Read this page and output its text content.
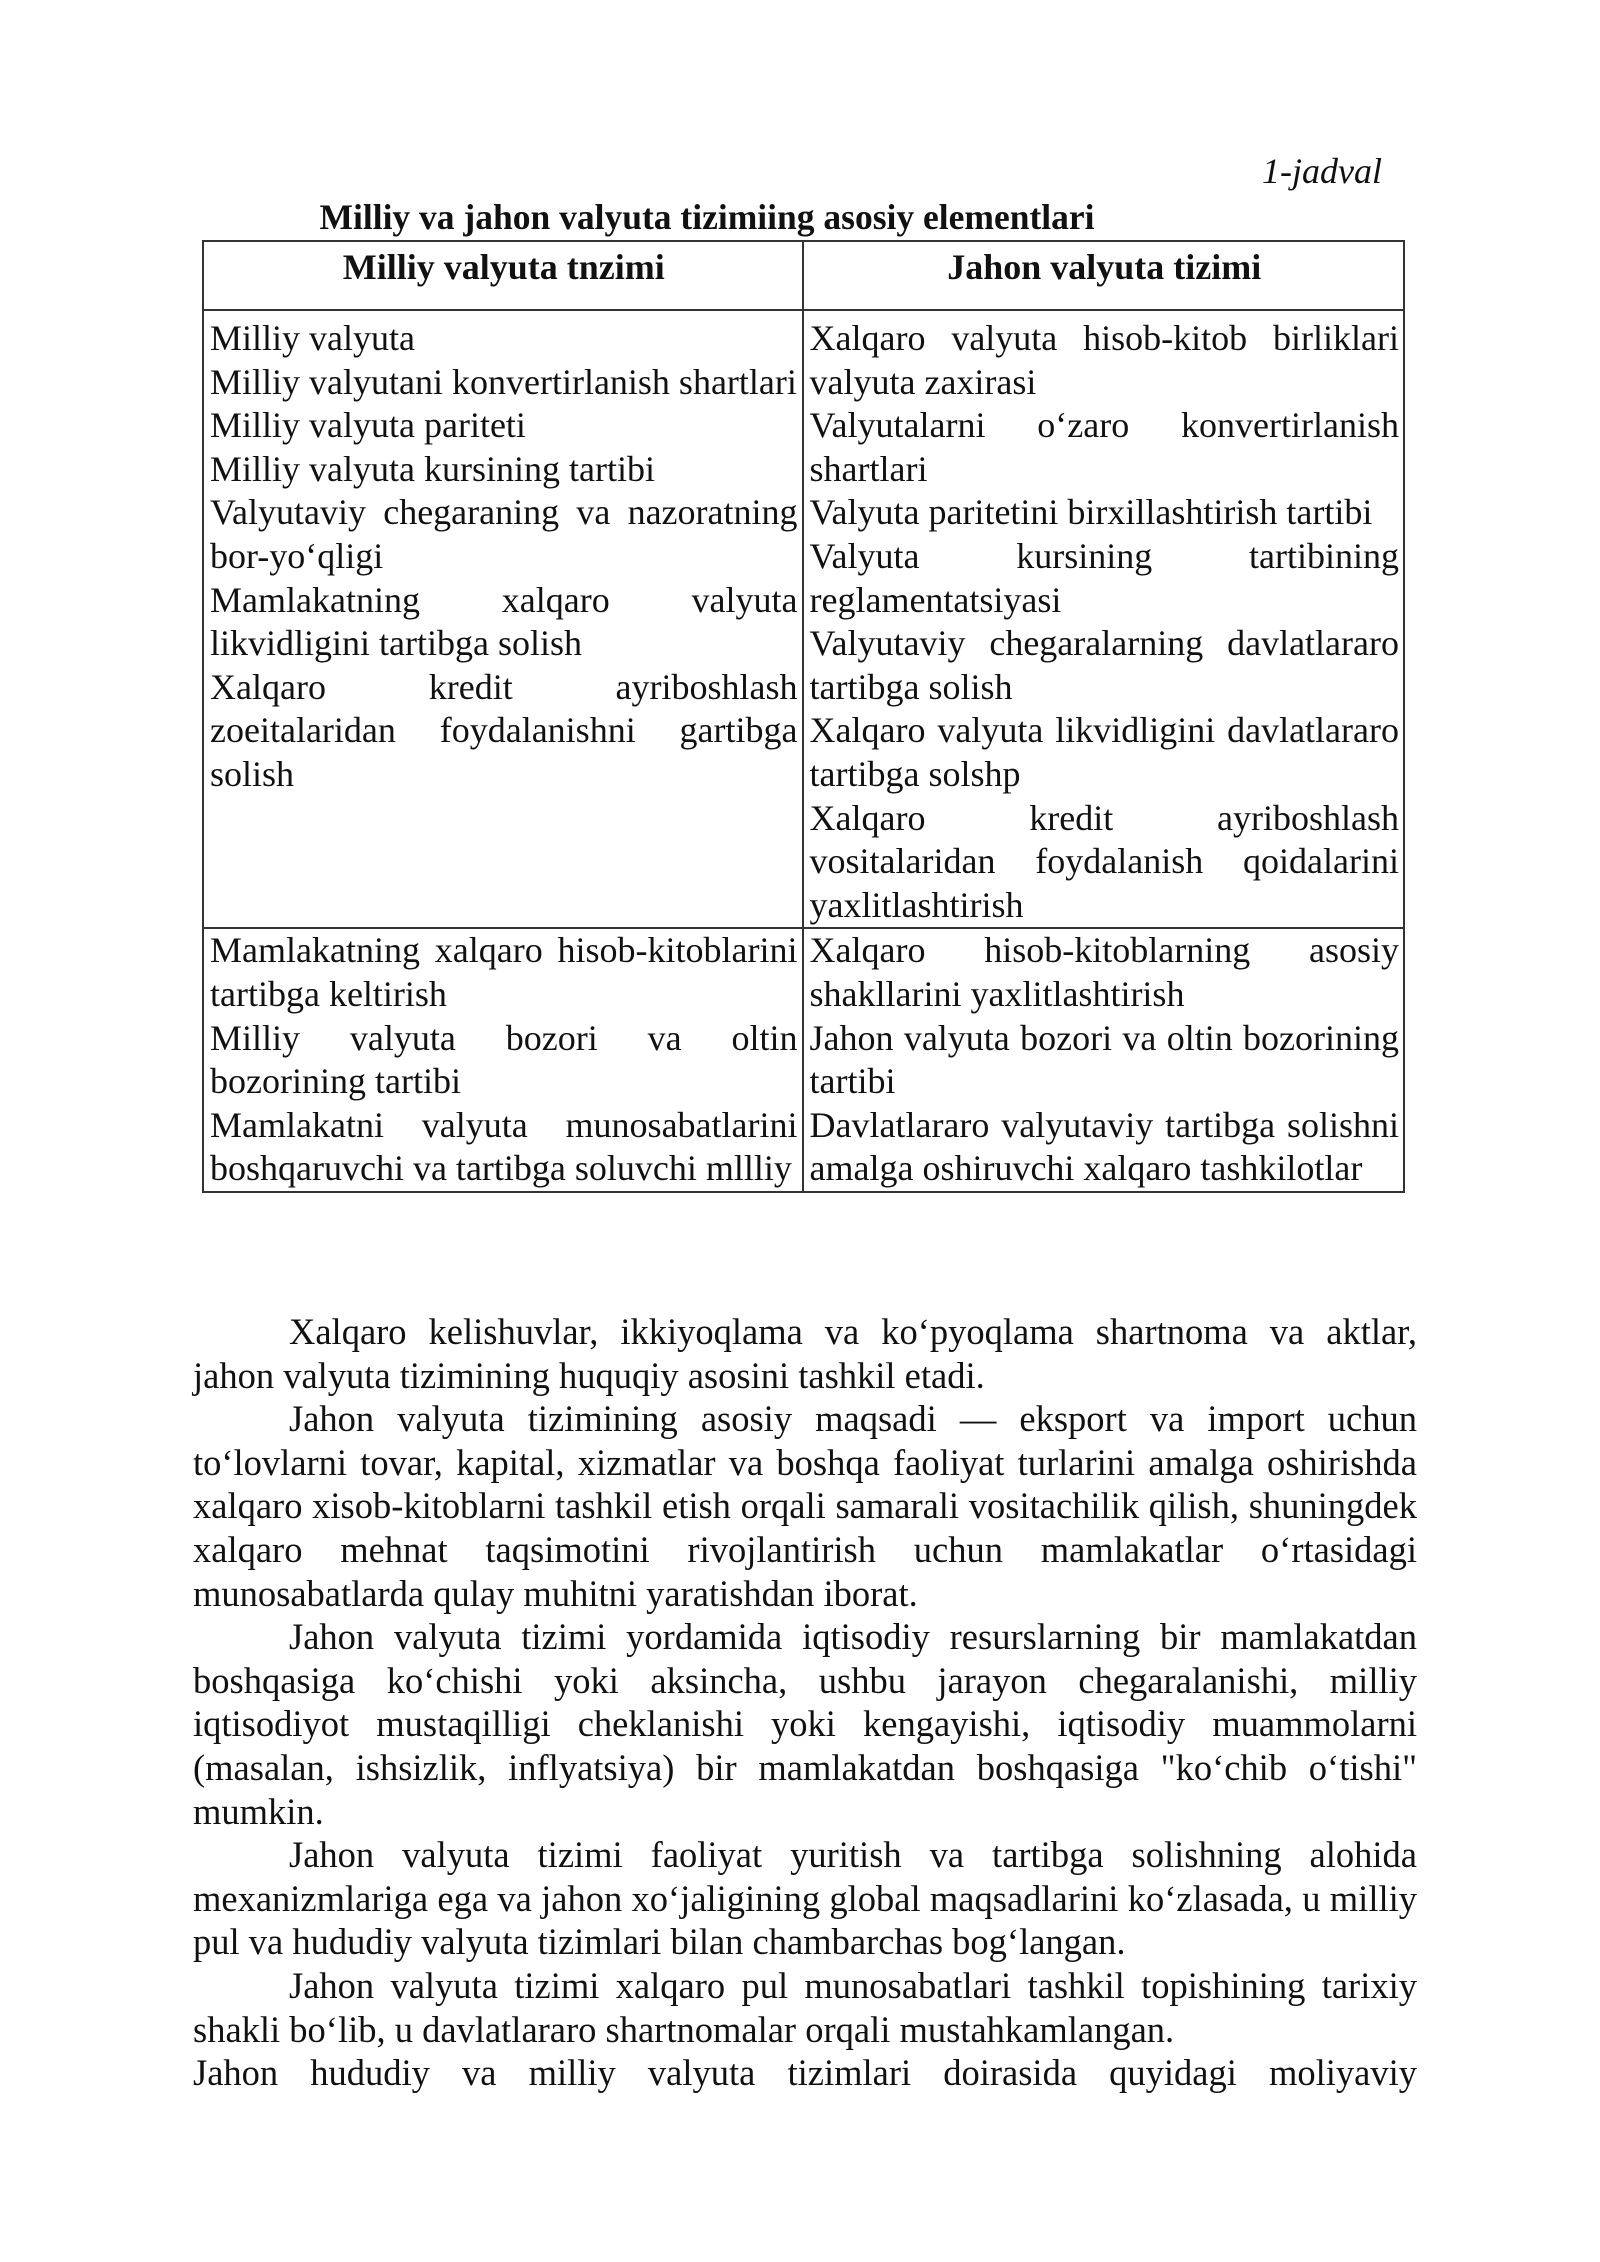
1-jadval
Milliy va jahon valyuta tizimiing asosiy elementlari
Milliy valyuta tnzimi	Jahon valyuta tizimi

Milliy valyuta

Milliy valyutani konvertirlanish shartlari

Milliy valyuta pariteti

Milliy valyuta kursining tartibi

Valyutaviy chegaraning va nazoratning bor-yo‘qligi

Mamlakatning xalqaro valyuta likvidligini tartibga solish

Xalqaro kredit ayriboshlash zoeitalaridan foydalanishni gartibga solish

Xalqaro valyuta hisob-kitob birliklari valyuta zaxirasi

Valyutalarni o‘zaro konvertirlanish shartlari

Valyuta paritetini birxillashtirish tartibi

Valyuta kursining tartibining reglamentatsiyasi

Valyutaviy chegaralarning davlatlararo tartibga solish

Xalqaro valyuta likvidligini davlatlararo tartibga solshp

Xalqaro kredit ayriboshlash vositalaridan foydalanish qoidalarini yaxlitlashtirish

Mamlakatning xalqaro hisob-kitoblarini tartibga keltirish

Milliy valyuta bozori va oltin bozorining tartibi

Mamlakatni valyuta munosabatlarini boshqaruvchi va tartibga soluvchi mllliy

Xalqaro hisob-kitoblarning asosiy shakllarini yaxlitlashtirish

Jahon valyuta bozori va oltin bozorining tartibi

Davlatlararo valyutaviy tartibga solishni amalga oshiruvchi xalqaro tashkilotlar

Xalqaro kelishuvlar, ikkiyoqlama va ko‘pyoqlama shartnoma va aktlar, jahon valyuta tizimining huquqiy asosini tashkil etadi.

Jahon valyuta tizimining asosiy maqsadi — eksport va import uchun to‘lovlarni tovar, kapital, xizmatlar va boshqa faoliyat turlarini amalga oshirishda xalqaro xisob-kitoblarni tashkil etish orqali samarali vositachilik qilish, shuningdek xalqaro mehnat taqsimotini rivojlantirish uchun mamlakatlar o‘rtasidagi munosabatlarda qulay muhitni yaratishdan iborat.

Jahon valyuta tizimi yordamida iqtisodiy resurslarning bir mamlakatdan boshqasiga ko‘chishi yoki aksincha, ushbu jarayon chegaralanishi, milliy iqtisodiyot mustaqilligi cheklanishi yoki kengayishi, iqtisodiy muammolarni (masalan, ishsizlik, inflyatsiya) bir mamlakatdan boshqasiga "ko‘chib o‘tishi" mumkin.

Jahon valyuta tizimi faoliyat yuritish va tartibga solishning alohida mexanizmlariga ega va jahon xo‘jaligining global maqsadlarini ko‘zlasada, u milliy pul va hududiy valyuta tizimlari bilan chambarchas bog‘langan.

Jahon valyuta tizimi xalqaro pul munosabatlari tashkil topishining tarixiy shakli bo‘lib, u davlatlararo shartnomalar orqali mustahkamlangan.

Jahon hududiy va milliy valyuta tizimlari doirasida quyidagi moliyaviy
